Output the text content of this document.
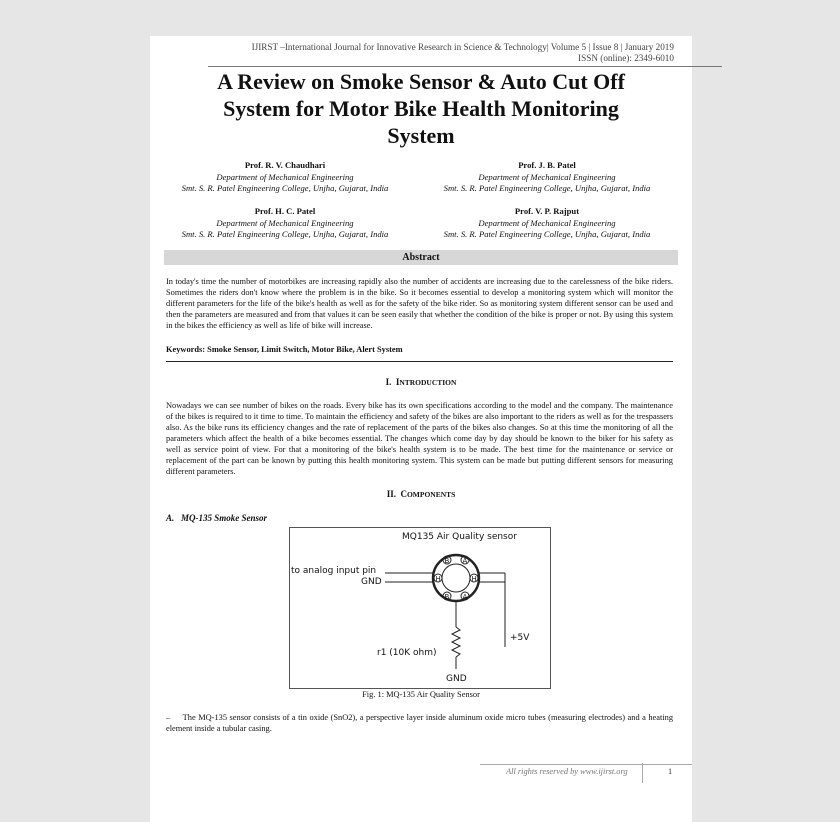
IJIRST –International Journal for Innovative Research in Science & Technology| Volume 5 | Issue 8 | January 2019
ISSN (online): 2349-6010
A Review on Smoke Sensor & Auto Cut Off
System for Motor Bike Health Monitoring
System
Prof. R. V. Chaudhari
Department of Mechanical Engineering
Smt. S. R. Patel Engineering College, Unjha, Gujarat, India
Prof. J. B. Patel
Department of Mechanical Engineering
Smt. S. R. Patel Engineering College, Unjha, Gujarat, India
Prof. H. C. Patel
Department of Mechanical Engineering
Smt. S. R. Patel Engineering College, Unjha, Gujarat, India
Prof. V. P. Rajput
Department of Mechanical Engineering
Smt. S. R. Patel Engineering College, Unjha, Gujarat, India
Abstract
In today's time the number of motorbikes are increasing rapidly also the number of accidents are increasing due to the carelessness of the bike riders. Sometimes the riders don't know where the problem is in the bike. So it becomes essential to develop a monitoring system which will monitor the different parameters for the life of the bike's health as well as for the safety of the bike rider. So as monitoring system different sensor can be used and then the parameters are measured and from that values it can be seen easily that whether the condition of the bike is proper or not. By using this system in the bikes the efficiency as well as life of bike will increase.
Keywords: Smoke Sensor, Limit Switch, Motor Bike, Alert System
I. INTRODUCTION
Nowadays we can see number of bikes on the roads. Every bike has its own specifications according to the model and the company. The maintenance of the bikes is required to it time to time. To maintain the efficiency and safety of the bikes are also important to the riders as well as for the trespassers also. As the bike runs its efficiency changes and the rate of replacement of the parts of the bikes also changes. So at this time the monitoring of all the parameters which affect the health of a bike becomes essential. The changes which come day by day should be known to the biker for his safety as well as service point of view. For that a monitoring of the bike's health system is to be made. The best time for the maintenance or service or replacement of the part can be known by putting this health monitoring system. This system can be made but putting different sensors for measuring different parameters.
II. COMPONENTS
A. MQ-135 Smoke Sensor
MQ135 Air Quality sensor
to analog input pin
GND
B A
H	H
B A
+5V
r1 (10K ohm)
GND
Fig. 1: MQ-135 Air Quality Sensor
– The MQ-135 sensor consists of a tin oxide (SnO2), a perspective layer inside aluminum oxide micro tubes (measuring electrodes) and a heating element inside a tubular casing.
All rights reserved by www.ijirst.org	1
